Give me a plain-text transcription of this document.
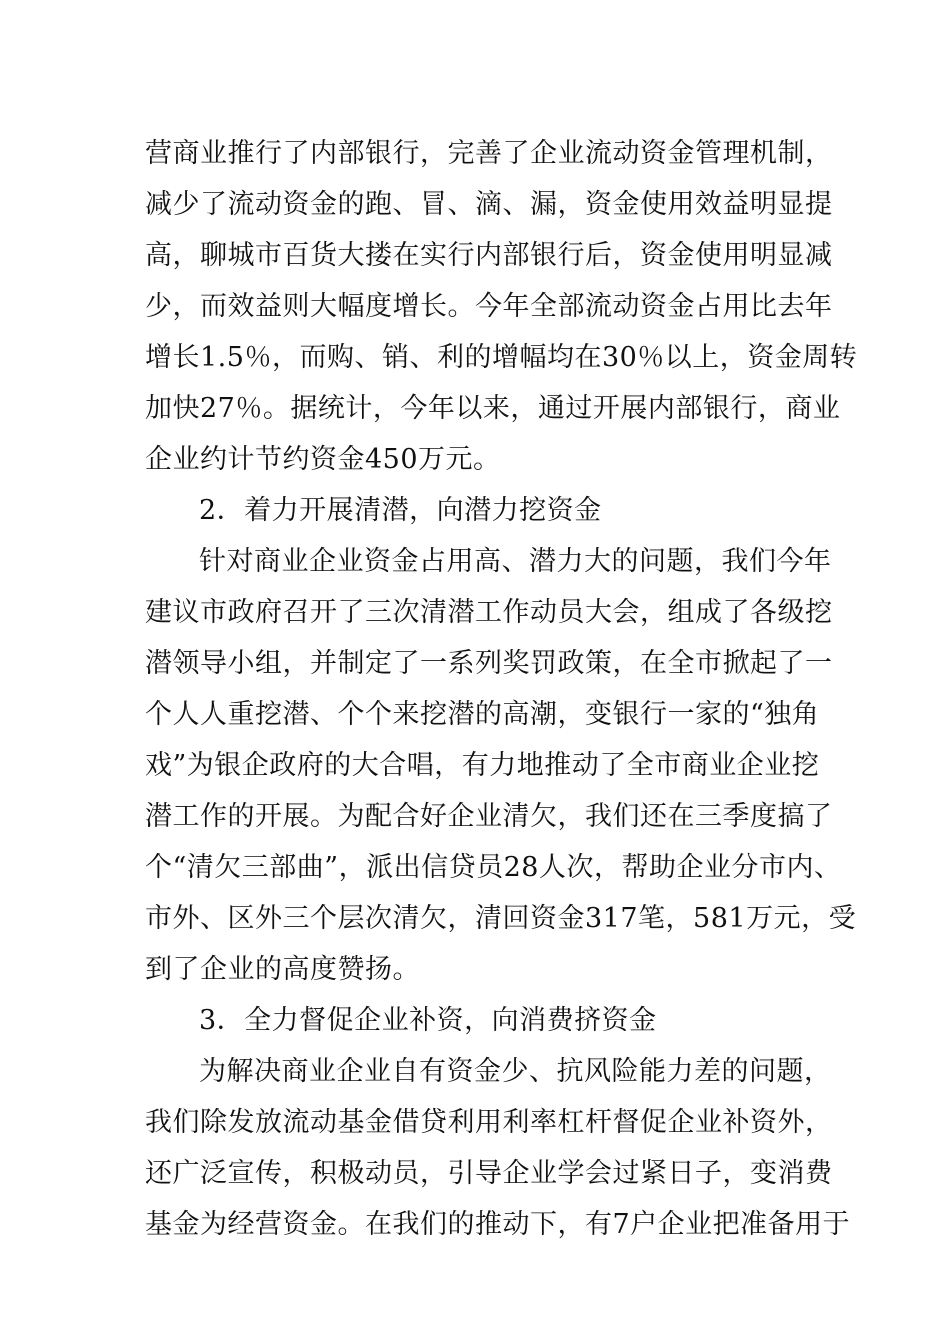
营商业推行了内部银行，完善了企业流动资金管理机制，
减少了流动资金的跑、冒、滴、漏，资金使用效益明显提
高，聊城市百货大搂在实行内部银行后，资金使用明显减
少，而效益则大幅度增长。今年全部流动资金占用比去年
增长1.5％，而购、销、利的增幅均在30％以上，资金周转
加快27％。据统计，今年以来，通过开展内部银行，商业
企业约计节约资金450万元。
2．着力开展清潜，向潜力挖资金
针对商业企业资金占用高、潜力大的问题，我们今年
建议市政府召开了三次清潜工作动员大会，组成了各级挖
潜领导小组，并制定了一系列奖罚政策，在全市掀起了一
个人人重挖潜、个个来挖潜的高潮，变银行一家的“独角
戏”为银企政府的大合唱，有力地推动了全市商业企业挖
潜工作的开展。为配合好企业清欠，我们还在三季度搞了
个“清欠三部曲”，派出信贷员28人次，帮助企业分市内、
市外、区外三个层次清欠，清回资金317笔，581万元，受
到了企业的高度赞扬。
3．全力督促企业补资，向消费挤资金
为解决商业企业自有资金少、抗风险能力差的问题，
我们除发放流动基金借贷利用利率杠杆督促企业补资外，
还广泛宣传，积极动员，引导企业学会过紧日子，变消费
基金为经营资金。在我们的推动下，有7户企业把准备用于
